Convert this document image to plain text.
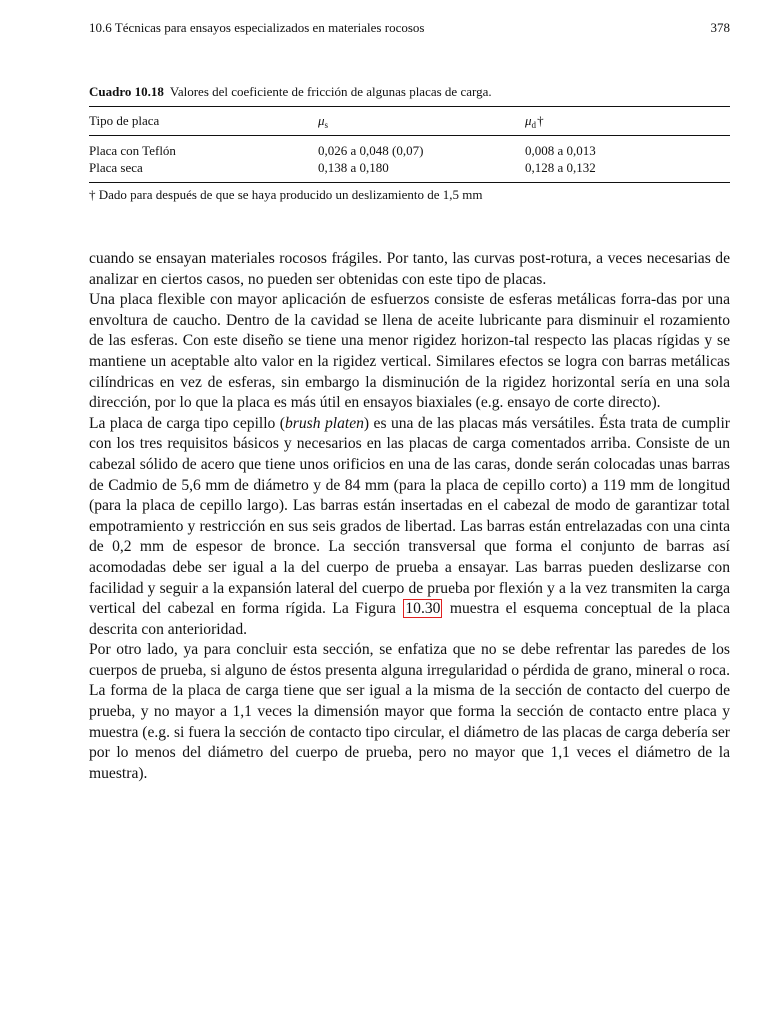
10.6 Técnicas para ensayos especializados en materiales rocosos	378
Cuadro 10.18 Valores del coeficiente de fricción de algunas placas de carga.
Tipo de placa	$\mu_s$	$\mu_d$ †
Placa con Teflón	0,026 a 0,048 (0,07)	0,008 a 0,013
Placa seca	0,138 a 0,180	0,128 a 0,132
† Dado para después de que se haya producido un deslizamiento de 1,5 mm

cuando se ensayan materiales rocosos frágiles. Por tanto, las curvas post-rotura, a veces necesarias de analizar en ciertos casos, no pueden ser obtenidas con este tipo de placas.

Una placa flexible con mayor aplicación de esfuerzos consiste de esferas metálicas forra-das por una envoltura de caucho. Dentro de la cavidad se llena de aceite lubricante para disminuir el rozamiento de las esferas. Con este diseño se tiene una menor rigidez horizon-tal respecto las placas rígidas y se mantiene un aceptable alto valor en la rigidez vertical. Similares efectos se logra con barras metálicas cilíndricas en vez de esferas, sin embargo la disminución de la rigidez horizontal sería en una sola dirección, por lo que la placa es más útil en ensayos biaxiales (e.g. ensayo de corte directo).

La placa de carga tipo cepillo (brush platen) es una de las placas más versátiles. Ésta trata de cumplir con los tres requisitos básicos y necesarios en las placas de carga comentados arriba. Consiste de un cabezal sólido de acero que tiene unos orificios en una de las caras, donde serán colocadas unas barras de Cadmio de 5,6 mm de diámetro y de 84 mm (para la placa de cepillo corto) a 119 mm de longitud (para la placa de cepillo largo). Las barras están insertadas en el cabezal de modo de garantizar total empotramiento y restricción en sus seis grados de libertad. Las barras están entrelazadas con una cinta de 0,2 mm de espesor de bronce. La sección transversal que forma el conjunto de barras así acomodadas debe ser igual a la del cuerpo de prueba a ensayar. Las barras pueden deslizarse con facilidad y seguir a la expansión lateral del cuerpo de prueba por flexión y a la vez transmiten la carga vertical del cabezal en forma rígida. La Figura 10.30 muestra el esquema conceptual de la placa descrita con anterioridad.

Por otro lado, ya para concluir esta sección, se enfatiza que no se debe refrentar las paredes de los cuerpos de prueba, si alguno de éstos presenta alguna irregularidad o pérdida de grano, mineral o roca. La forma de la placa de carga tiene que ser igual a la misma de la sección de contacto del cuerpo de prueba, y no mayor a 1,1 veces la dimensión mayor que forma la sección de contacto entre placa y muestra (e.g. si fuera la sección de contacto tipo circular, el diámetro de las placas de carga debería ser por lo menos del diámetro del cuerpo de prueba, pero no mayor que 1,1 veces el diámetro de la muestra).
